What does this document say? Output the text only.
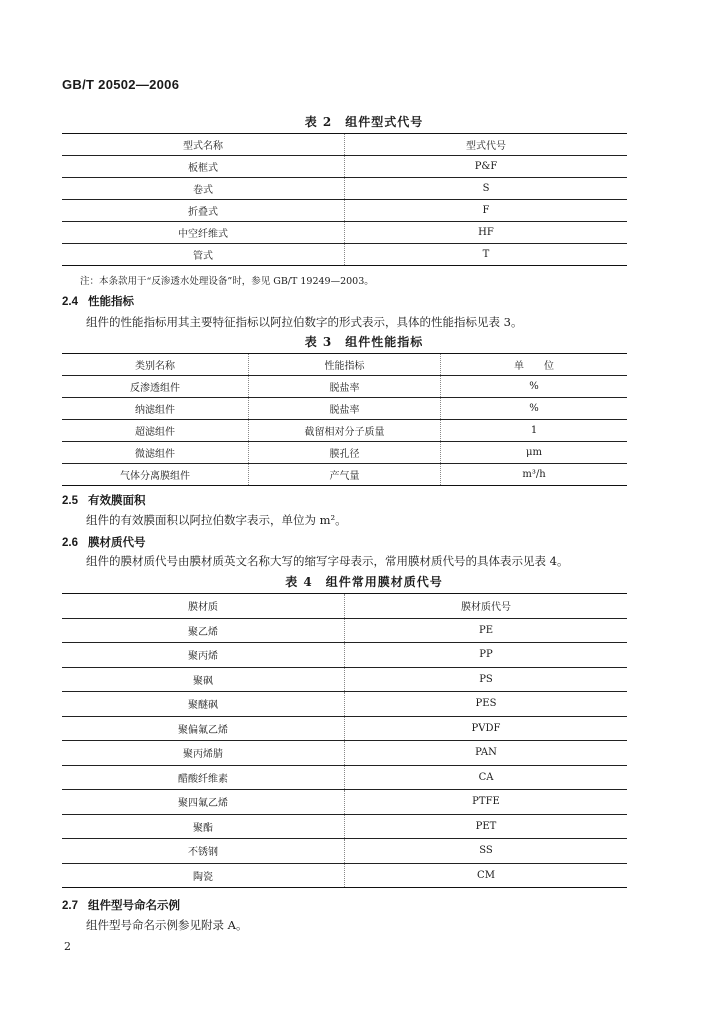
GB/T 20502—2006
表 2　组件型式代号
型式名称	型式代号
板框式	P&F
卷式	S
折叠式	F
中空纤维式	HF
管式	T
注：本条款用于“反渗透水处理设备”时，参见 GB/T 19249—2003。
2.4 性能指标
组件的性能指标用其主要特征指标以阿拉伯数字的形式表示，具体的性能指标见表 3。
表 3　组件性能指标
类别名称	性能指标	单　　位
反渗透组件	脱盐率	%
纳滤组件	脱盐率	%
超滤组件	截留相对分子质量	1
微滤组件	膜孔径	μm
气体分离膜组件	产气量	m³/h
2.5 有效膜面积
组件的有效膜面积以阿拉伯数字表示，单位为 m²。
2.6 膜材质代号
组件的膜材质代号由膜材质英文名称大写的缩写字母表示，常用膜材质代号的具体表示见表 4。
表 4　组件常用膜材质代号
膜材质	膜材质代号
聚乙烯	PE
聚丙烯	PP
聚砜	PS
聚醚砜	PES
聚偏氟乙烯	PVDF
聚丙烯腈	PAN
醋酸纤维素	CA
聚四氟乙烯	PTFE
聚酯	PET
不锈钢	SS
陶瓷	CM
2.7 组件型号命名示例
组件型号命名示例参见附录 A。
2
